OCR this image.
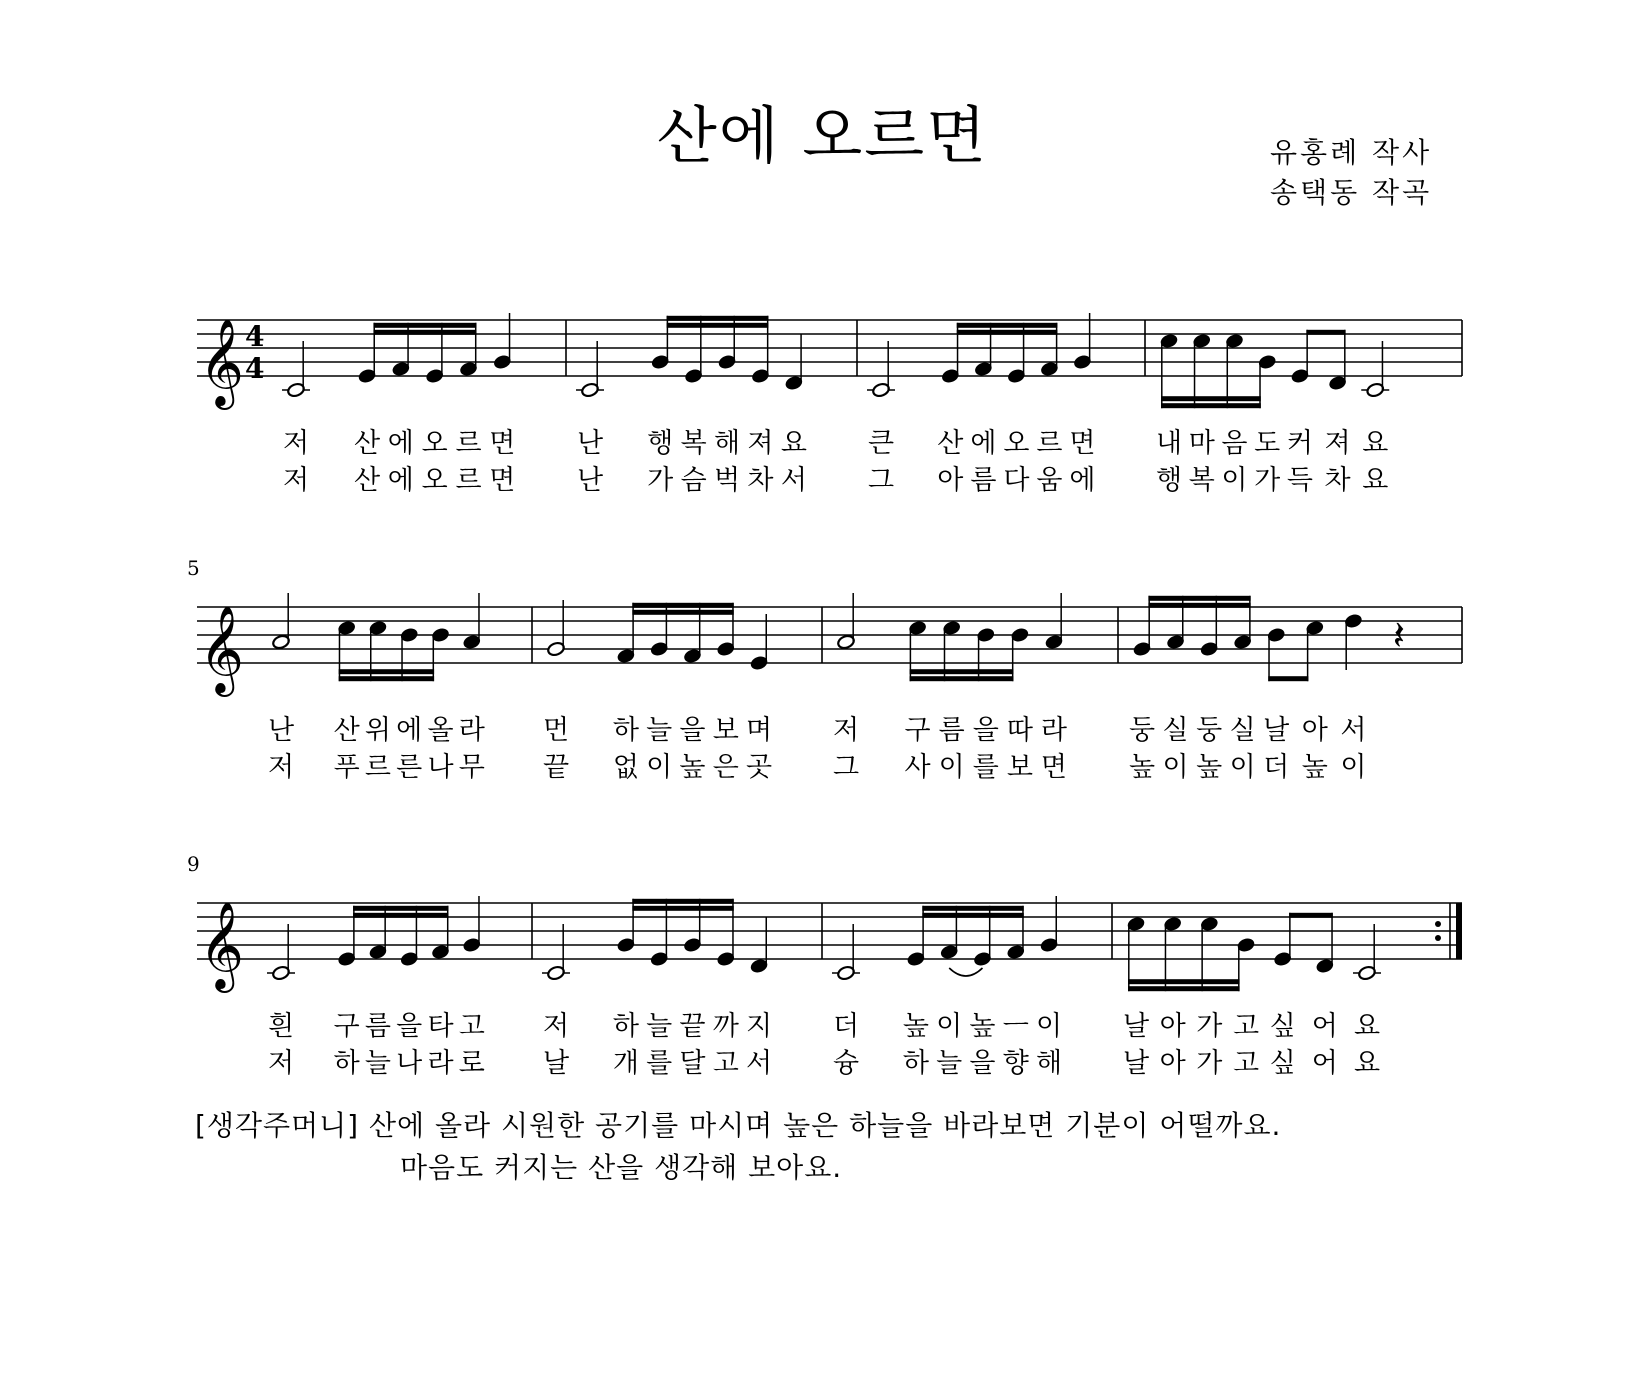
산에 오르면	유홍례 작사
송택동 작곡
𝄞 4
4
저 산 에 오 르 면
저 산 에 오 르 면
난 행 복 해 져 요
난 가 슴 벅 차 서
큰 산 에 오 르 면
그 아 름 다 움 에
내 마 음 도 커 져 요
행 복 이 가 득 차 요
𝄞
5
난 산 위 에 올 라
저 푸 르 른 나 무
먼 하 늘 을 보 며
끝 없 이 높 은 곳
저 구 름 을 따 라
그 사 이 를 보 면
𝄽
둥 실 둥 실 날 아 서
높 이 높 이 더 높 이
𝄞
9
흰 구 름 을 타 고
저 하 늘 나 라 로
저 하 늘 끝 까 지
날 개 를 달 고 서
더 높 이 높 ㅡ 이
슝 하 늘 을 향 해
날 아 가 고 싶 어 요
날 아 가 고 싶 어 요
[생각주머니] 산에 올라 시원한 공기를 마시며 높은 하늘을 바라보면 기분이 어떨까요.
마음도 커지는 산을 생각해 보아요.
